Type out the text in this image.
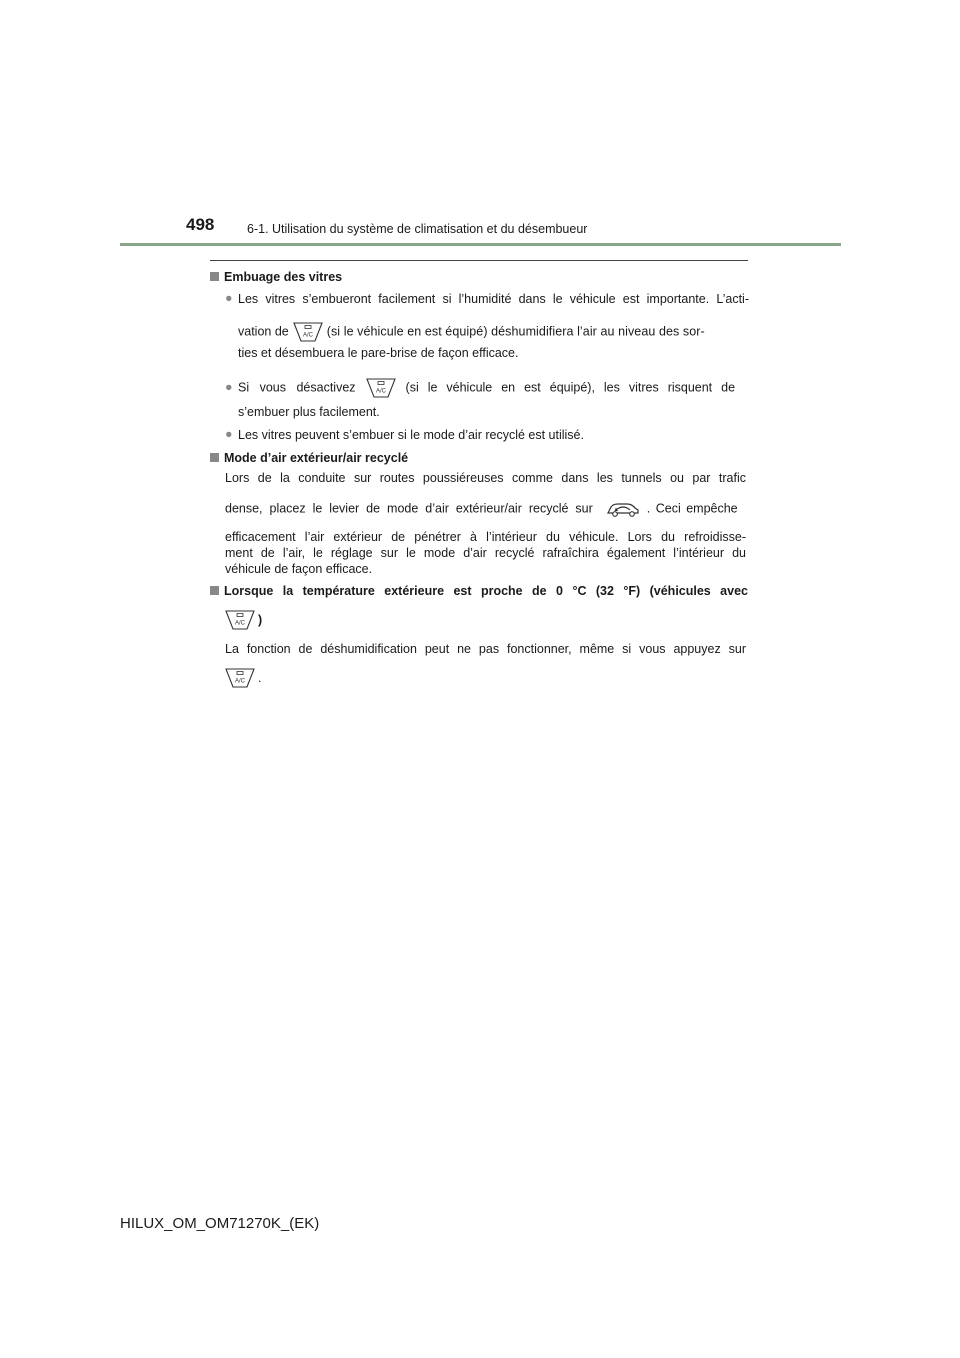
498	6-1. Utilisation du système de climatisation et du désembueur
Embuage des vitres
● Les vitres s’embueront facilement si l’humidité dans le véhicule est importante. L’acti-
vation de A/C (si le véhicule en est équipé) déshumidifiera l’air au niveau des sor-
ties et désembuera le pare-brise de façon efficace.
● Si vous désactivez	A/C (si le véhicule en est équipé), les vitres risquent de
s’embuer plus facilement.
● Les vitres peuvent s’embuer si le mode d’air recyclé est utilisé.
Mode d’air extérieur/air recyclé
Lors de la conduite sur routes poussiéreuses comme dans les tunnels ou par trafic
dense, placez le levier de mode d’air extérieur/air recyclé sur	. Ceci empêche
efficacement l’air extérieur de pénétrer à l’intérieur du véhicule. Lors du refroidisse-
ment de l’air, le réglage sur le mode d’air recyclé rafraîchira également l’intérieur du
véhicule de façon efficace.
Lorsque la température extérieure est proche de 0 °C (32 °F) (véhicules avec
A/C )
La fonction de déshumidification peut ne pas fonctionner, même si vous appuyez sur
A/C .
HILUX_OM_OM71270K_(EK)
